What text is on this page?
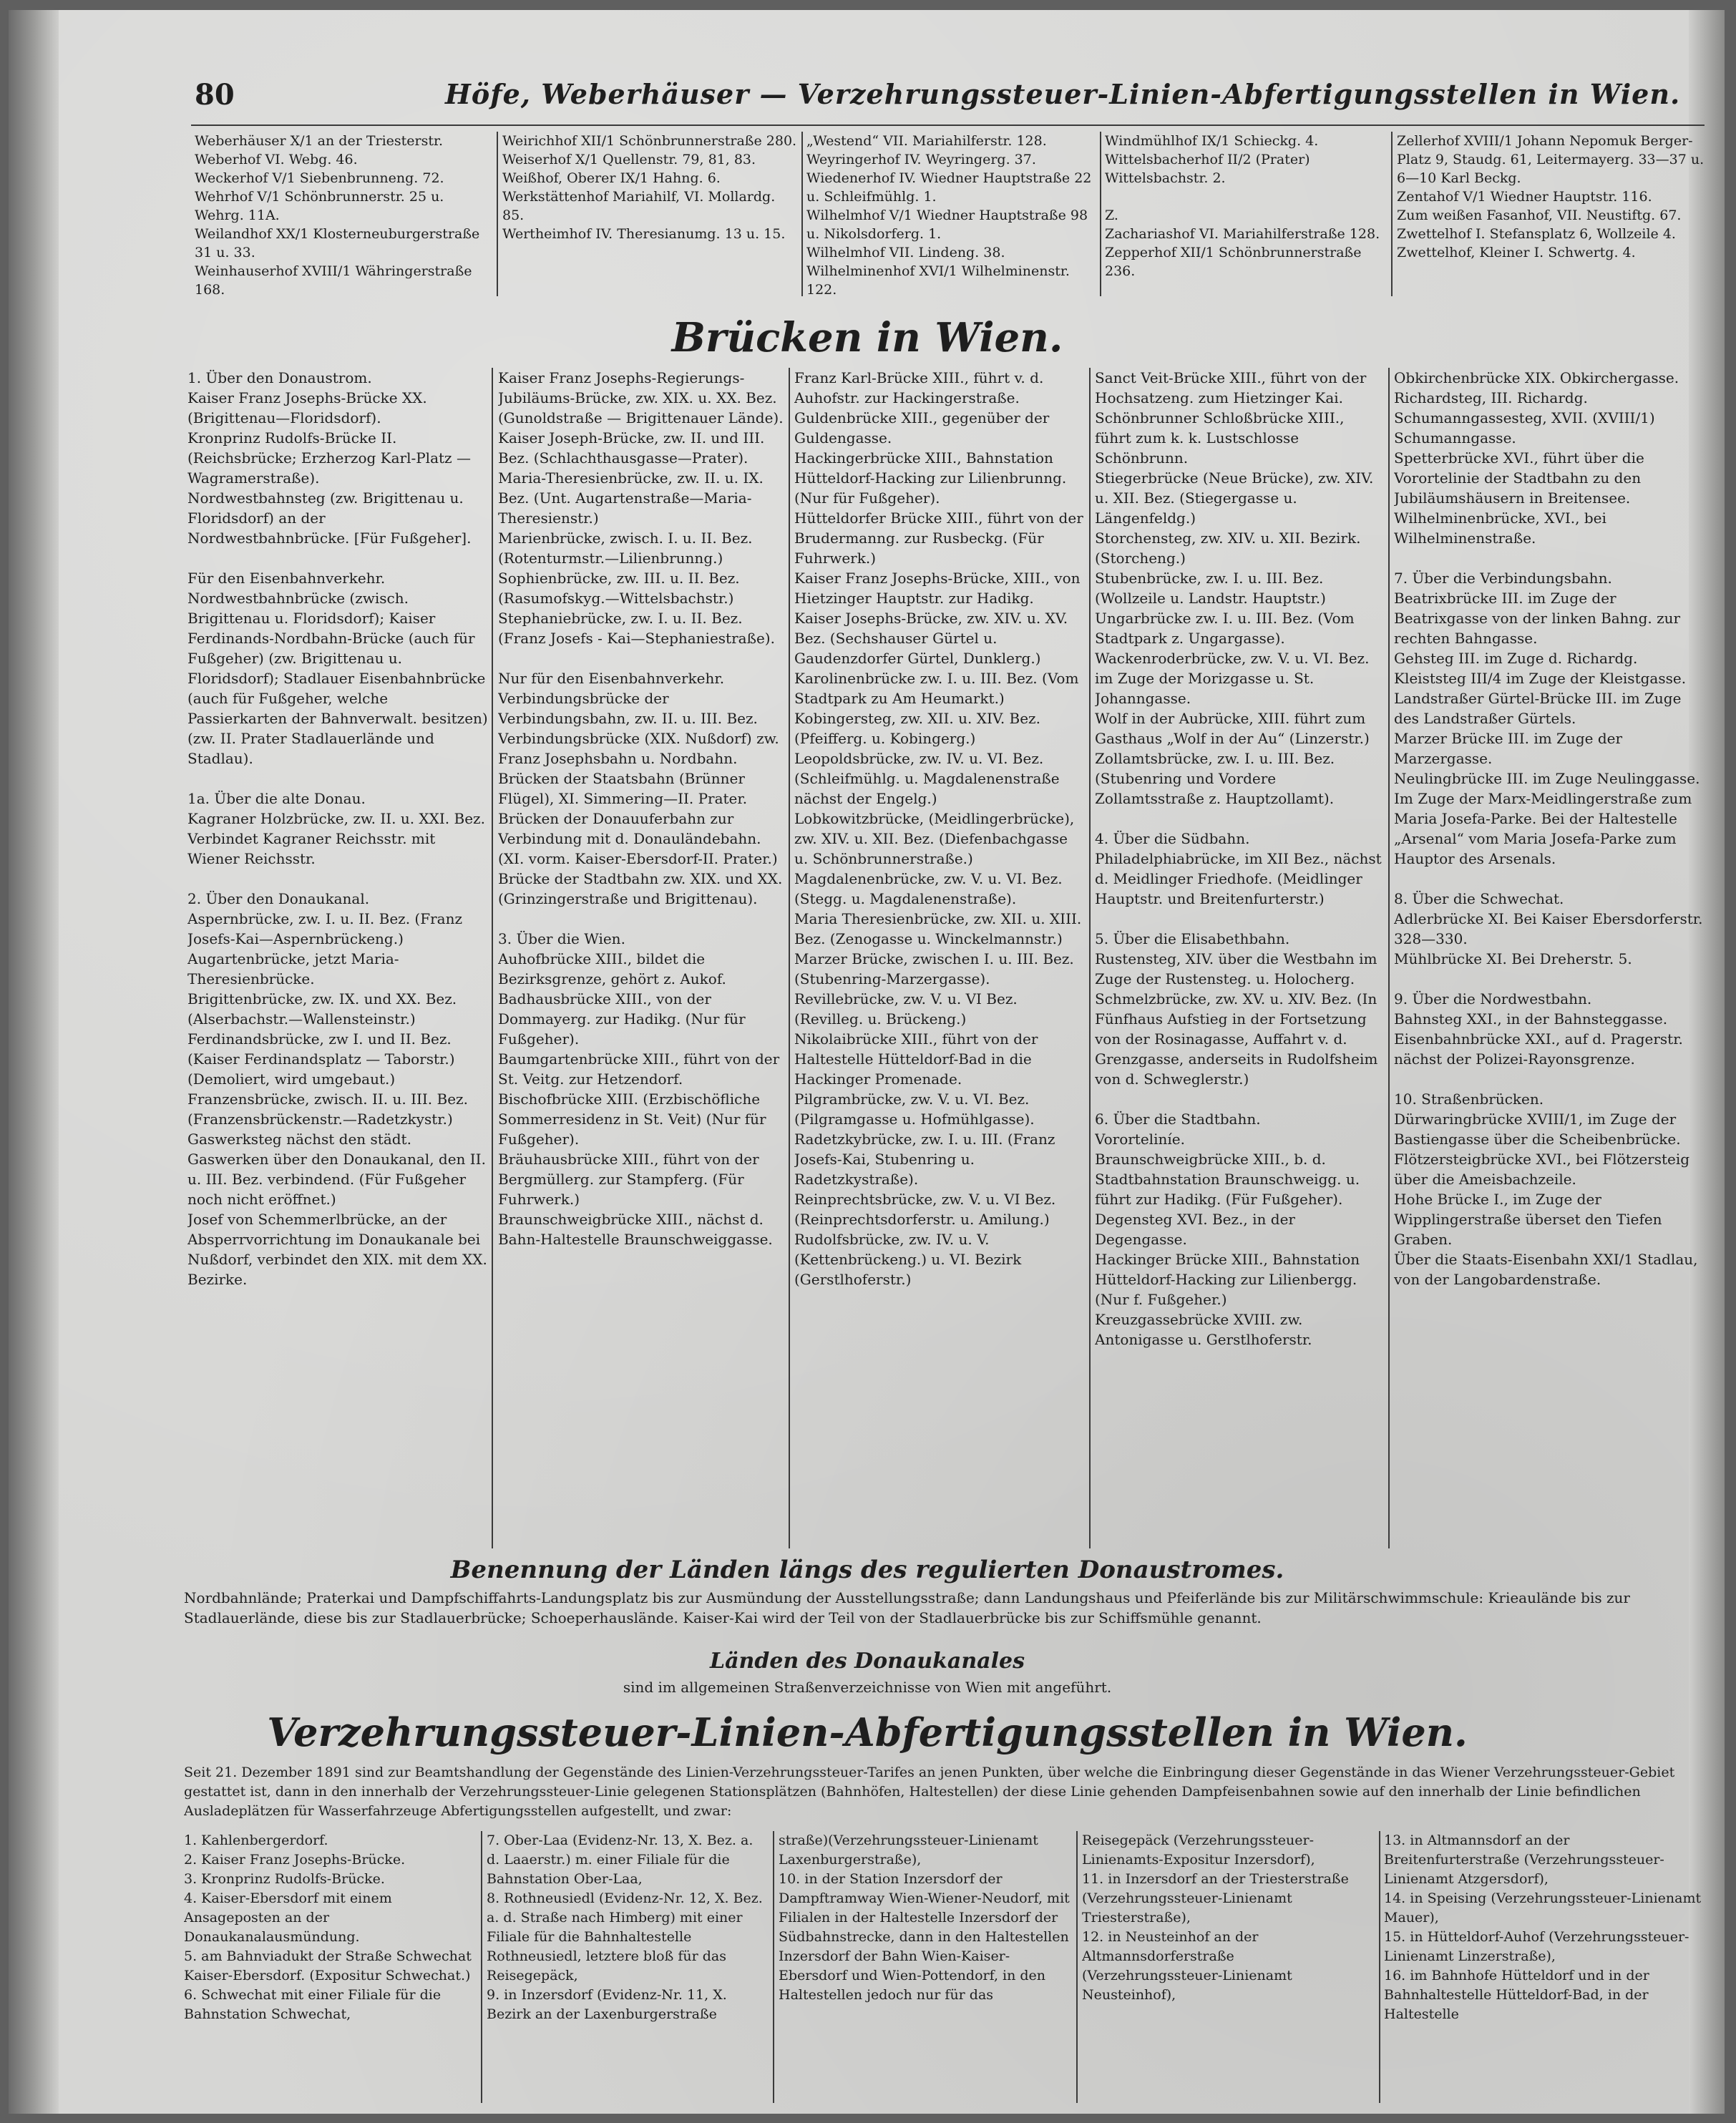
80	Höfe, Weberhäuser — Verzehrungssteuer-Linien-Abfertigungsstellen in Wien.
Weberhäuser X/1 an der Triesterstr.
Weberhof VI. Webg. 46.
Weckerhof V/1 Siebenbrunneng. 72.
Wehrhof V/1 Schönbrunnerstr. 25 u. Wehrg. 11A.
Weilandhof XX/1 Klosterneuburgerstraße 31 u. 33.
Weinhauserhof XVIII/1 Währingerstraße 168.
Weirichhof XII/1 Schönbrunnerstraße 280.
Weiserhof X/1 Quellenstr. 79, 81, 83.
Weißhof, Oberer IX/1 Hahng. 6.
Werkstättenhof Mariahilf, VI. Mollardg. 85.
Wertheimhof IV. Theresianumg. 13 u. 15.
„Westend“ VII. Mariahilferstr. 128.
Weyringerhof IV. Weyringerg. 37.
Wiedenerhof IV. Wiedner Hauptstraße 22 u. Schleifmühlg. 1.
Wilhelmhof V/1 Wiedner Hauptstraße 98 u. Nikolsdorferg. 1.
Wilhelmhof VII. Lindeng. 38.
Wilhelminenhof XVI/1 Wilhelminenstr. 122.
Windmühlhof IX/1 Schieckg. 4.
Wittelsbacherhof II/2 (Prater) Wittelsbachstr. 2.

Z.
Zachariashof VI. Mariahilferstraße 128.
Zepperhof XII/1 Schönbrunnerstraße 236.
Zellerhof XVIII/1 Johann Nepomuk Berger-Platz 9, Staudg. 61, Leitermayerg. 33—37 u. 6—10 Karl Beckg.
Zentahof V/1 Wiedner Hauptstr. 116.
Zum weißen Fasanhof, VII. Neustiftg. 67.
Zwettelhof I. Stefansplatz 6, Wollzeile 4.
Zwettelhof, Kleiner I. Schwertg. 4.
Brücken in Wien.
1. Über den Donaustrom.
Kaiser Franz Josephs-Brücke XX. (Brigittenau—Floridsdorf).
Kronprinz Rudolfs-Brücke II. (Reichsbrücke; Erzherzog Karl-Platz — Wagramerstraße).
Nordwestbahnsteg (zw. Brigittenau u. Floridsdorf) an der Nordwestbahnbrücke. [Für Fußgeher].

Für den Eisenbahnverkehr.
Nordwestbahnbrücke (zwisch. Brigittenau u. Floridsdorf); Kaiser Ferdinands-Nordbahn-Brücke (auch für Fußgeher) (zw. Brigittenau u. Floridsdorf); Stadlauer Eisenbahnbrücke (auch für Fußgeher, welche Passierkarten der Bahnverwalt. besitzen) (zw. II. Prater Stadlauerlände und Stadlau).

1a. Über die alte Donau.
Kagraner Holzbrücke, zw. II. u. XXI. Bez. Verbindet Kagraner Reichsstr. mit Wiener Reichsstr.

2. Über den Donaukanal.
Aspernbrücke, zw. I. u. II. Bez. (Franz Josefs-Kai—Aspernbrückeng.)
Augartenbrücke, jetzt Maria-Theresienbrücke.
Brigittenbrücke, zw. IX. und XX. Bez. (Alserbachstr.—Wallensteinstr.)
Ferdinandsbrücke, zw I. und II. Bez. (Kaiser Ferdinandsplatz — Taborstr.) (Demoliert, wird umgebaut.)
Franzensbrücke, zwisch. II. u. III. Bez. (Franzensbrückenstr.—Radetzkystr.)
Gaswerksteg nächst den städt. Gaswerken über den Donaukanal, den II. u. III. Bez. verbindend. (Für Fußgeher noch nicht eröffnet.)
Josef von Schemmerlbrücke, an der Absperrvorrichtung im Donaukanale bei Nußdorf, verbindet den XIX. mit dem XX. Bezirke.
Kaiser Franz Josephs-Regierungs-Jubiläums-Brücke, zw. XIX. u. XX. Bez. (Gunoldstraße — Brigittenauer Lände).
Kaiser Joseph-Brücke, zw. II. und III. Bez. (Schlachthausgasse—Prater).
Maria-Theresienbrücke, zw. II. u. IX. Bez. (Unt. Augartenstraße—Maria-Theresienstr.)
Marienbrücke, zwisch. I. u. II. Bez. (Rotenturmstr.—Lilienbrunng.)
Sophienbrücke, zw. III. u. II. Bez. (Rasumofskyg.—Wittelsbachstr.)
Stephaniebrücke, zw. I. u. II. Bez. (Franz Josefs - Kai—Stephaniestraße).

Nur für den Eisenbahnverkehr.
Verbindungsbrücke der Verbindungsbahn, zw. II. u. III. Bez.
Verbindungsbrücke (XIX. Nußdorf) zw. Franz Josephsbahn u. Nordbahn.
Brücken der Staatsbahn (Brünner Flügel), XI. Simmering—II. Prater.
Brücken der Donauuferbahn zur Verbindung mit d. Donauländebahn. (XI. vorm. Kaiser-Ebersdorf-II. Prater.)
Brücke der Stadtbahn zw. XIX. und XX. (Grinzingerstraße und Brigittenau).

3. Über die Wien.
Auhofbrücke XIII., bildet die Bezirksgrenze, gehört z. Aukof.
Badhausbrücke XIII., von der Dommayerg. zur Hadikg. (Nur für Fußgeher).
Baumgartenbrücke XIII., führt von der St. Veitg. zur Hetzendorf.
Bischofbrücke XIII. (Erzbischöfliche Sommerresidenz in St. Veit) (Nur für Fußgeher).
Bräuhausbrücke XIII., führt von der Bergmüllerg. zur Stampferg. (Für Fuhrwerk.)
Braunschweigbrücke XIII., nächst d. Bahn-Haltestelle Braunschweiggasse.
Franz Karl-Brücke XIII., führt v. d. Auhofstr. zur Hackingerstraße.
Guldenbrücke XIII., gegenüber der Guldengasse.
Hackingerbrücke XIII., Bahnstation Hütteldorf-Hacking zur Lilienbrunng. (Nur für Fußgeher).
Hütteldorfer Brücke XIII., führt von der Brudermanng. zur Rusbeckg. (Für Fuhrwerk.)
Kaiser Franz Josephs-Brücke, XIII., von Hietzinger Hauptstr. zur Hadikg.
Kaiser Josephs-Brücke, zw. XIV. u. XV. Bez. (Sechshauser Gürtel u. Gaudenzdorfer Gürtel, Dunklerg.)
Karolinenbrücke zw. I. u. III. Bez. (Vom Stadtpark zu Am Heumarkt.)
Kobingersteg, zw. XII. u. XIV. Bez. (Pfeifferg. u. Kobingerg.)
Leopoldsbrücke, zw. IV. u. VI. Bez. (Schleifmühlg. u. Magdalenenstraße nächst der Engelg.)
Lobkowitzbrücke, (Meidlingerbrücke), zw. XIV. u. XII. Bez. (Diefenbachgasse u. Schönbrunnerstraße.)
Magdalenenbrücke, zw. V. u. VI. Bez. (Stegg. u. Magdalenenstraße).
Maria Theresienbrücke, zw. XII. u. XIII. Bez. (Zenogasse u. Winckelmannstr.)
Marzer Brücke, zwischen I. u. III. Bez. (Stubenring-Marzergasse).
Revillebrücke, zw. V. u. VI Bez. (Revilleg. u. Brückeng.)
Nikolaibrücke XIII., führt von der Haltestelle Hütteldorf-Bad in die Hackinger Promenade.
Pilgrambrücke, zw. V. u. VI. Bez. (Pilgramgasse u. Hofmühlgasse).
Radetzkybrücke, zw. I. u. III. (Franz Josefs-Kai, Stubenring u. Radetzkystraße).
Reinprechtsbrücke, zw. V. u. VI Bez. (Reinprechtsdorferstr. u. Amilung.)
Rudolfsbrücke, zw. IV. u. V. (Kettenbrückeng.) u. VI. Bezirk (Gerstlhoferstr.)
Sanct Veit-Brücke XIII., führt von der Hochsatzeng. zum Hietzinger Kai.
Schönbrunner Schloßbrücke XIII., führt zum k. k. Lustschlosse Schönbrunn.
Stiegerbrücke (Neue Brücke), zw. XIV. u. XII. Bez. (Stiegergasse u. Längenfeldg.)
Storchensteg, zw. XIV. u. XII. Bezirk. (Storcheng.)
Stubenbrücke, zw. I. u. III. Bez. (Wollzeile u. Landstr. Hauptstr.)
Ungarbrücke zw. I. u. III. Bez. (Vom Stadtpark z. Ungargasse).
Wackenroderbrücke, zw. V. u. VI. Bez. im Zuge der Morizgasse u. St. Johanngasse.
Wolf in der Aubrücke, XIII. führt zum Gasthaus „Wolf in der Au“ (Linzerstr.)
Zollamtsbrücke, zw. I. u. III. Bez. (Stubenring und Vordere Zollamtsstraße z. Hauptzollamt).

4. Über die Südbahn.
Philadelphiabrücke, im XII Bez., nächst d. Meidlinger Friedhofe. (Meidlinger Hauptstr. und Breitenfurterstr.)

5. Über die Elisabethbahn.
Rustensteg, XIV. über die Westbahn im Zuge der Rustensteg. u. Holocherg.
Schmelzbrücke, zw. XV. u. XIV. Bez. (In Fünfhaus Aufstieg in der Fortsetzung von der Rosinagasse, Auffahrt v. d. Grenzgasse, anderseits in Rudolfsheim von d. Schweglerstr.)

6. Über die Stadtbahn.
Vororteliníe.
Braunschweigbrücke XIII., b. d. Stadtbahnstation Braunschweigg. u. führt zur Hadikg. (Für Fußgeher).
Degensteg XVI. Bez., in der Degengasse.
Hackinger Brücke XIII., Bahnstation Hütteldorf-Hacking zur Lilienbergg. (Nur f. Fußgeher.)
Kreuzgassebrücke XVIII. zw. Antonigasse u. Gerstlhoferstr.
Obkirchenbrücke XIX. Obkirchergasse.
Richardsteg, III. Richardg.
Schumanngassesteg, XVII. (XVIII/1) Schumanngasse.
Spetterbrücke XVI., führt über die Vorortelinie der Stadtbahn zu den Jubiläumshäusern in Breitensee.
Wilhelminenbrücke, XVI., bei Wilhelminenstraße.

7. Über die Verbindungsbahn.
Beatrixbrücke III. im Zuge der Beatrixgasse von der linken Bahng. zur rechten Bahngasse.
Gehsteg III. im Zuge d. Richardg.
Kleiststeg III/4 im Zuge der Kleistgasse.
Landstraßer Gürtel-Brücke III. im Zuge des Landstraßer Gürtels.
Marzer Brücke III. im Zuge der Marzergasse.
Neulingbrücke III. im Zuge Neulinggasse.
Im Zuge der Marx-Meidlingerstraße zum Maria Josefa-Parke. Bei der Haltestelle „Arsenal“ vom Maria Josefa-Parke zum Hauptor des Arsenals.

8. Über die Schwechat.
Adlerbrücke XI. Bei Kaiser Ebersdorferstr. 328—330.
Mühlbrücke XI. Bei Dreherstr. 5.

9. Über die Nordwestbahn.
Bahnsteg XXI., in der Bahnsteggasse.
Eisenbahnbrücke XXI., auf d. Pragerstr. nächst der Polizei-Rayonsgrenze.

10. Straßenbrücken.
Dürwaringbrücke XVIII/1, im Zuge der Bastiengasse über die Scheibenbrücke.
Flötzersteigbrücke XVI., bei Flötzersteig über die Ameisbachzeile.
Hohe Brücke I., im Zuge der Wipplingerstraße überset den Tiefen Graben.
Über die Staats-Eisenbahn XXI/1 Stadlau, von der Langobardenstraße.
Benennung der Länden längs des regulierten Donaustromes.
Nordbahnlände; Praterkai und Dampfschiffahrts-Landungsplatz bis zur Ausmündung der Ausstellungsstraße; dann Landungshaus und Pfeiferlände bis zur Militärschwimmschule: Krieaulände bis zur Stadlauerlände, diese bis zur Stadlauerbrücke; Schoeperhauslände. Kaiser-Kai wird der Teil von der Stadlauerbrücke bis zur Schiffsmühle genannt.
Länden des Donaukanales
sind im allgemeinen Straßenverzeichnisse von Wien mit angeführt.
Verzehrungssteuer-Linien-Abfertigungsstellen in Wien.
Seit 21. Dezember 1891 sind zur Beamtshandlung der Gegenstände des Linien-Verzehrungssteuer-Tarifes an jenen Punkten, über welche die Einbringung dieser Gegenstände in das Wiener Verzehrungssteuer-Gebiet gestattet ist, dann in den innerhalb der Verzehrungssteuer-Linie gelegenen Stationsplätzen (Bahnhöfen, Haltestellen) der diese Linie gehenden Dampfeisenbahnen sowie auf den innerhalb der Linie befindlichen Ausladeplätzen für Wasserfahrzeuge Abfertigungsstellen aufgestellt, und zwar:
1. Kahlenbergerdorf.
2. Kaiser Franz Josephs-Brücke.
3. Kronprinz Rudolfs-Brücke.
4. Kaiser-Ebersdorf mit einem Ansageposten an der Donaukanalausmündung.
5. am Bahnviadukt der Straße Schwechat Kaiser-Ebersdorf. (Expositur Schwechat.)
6. Schwechat mit einer Filiale für die Bahnstation Schwechat,
7. Ober-Laa (Evidenz-Nr. 13, X. Bez. a. d. Laaerstr.) m. einer Filiale für die Bahnstation Ober-Laa,
8. Rothneusiedl (Evidenz-Nr. 12, X. Bez. a. d. Straße nach Himberg) mit einer Filiale für die Bahnhaltestelle Rothneusiedl, letztere bloß für das Reisegepäck,
9. in Inzersdorf (Evidenz-Nr. 11, X. Bezirk an der Laxenburgerstraße
straße)(Verzehrungssteuer-Linienamt Laxenburgerstraße),
10. in der Station Inzersdorf der Dampftramway Wien-Wiener-Neudorf, mit Filialen in der Haltestelle Inzersdorf der Südbahnstrecke, dann in den Haltestellen Inzersdorf der Bahn Wien-Kaiser-Ebersdorf und Wien-Pottendorf, in den Haltestellen jedoch nur für das
Reisegepäck (Verzehrungssteuer-Linienamts-Expositur Inzersdorf),
11. in Inzersdorf an der Triesterstraße (Verzehrungssteuer-Linienamt Triesterstraße),
12. in Neusteinhof an der Altmannsdorferstraße (Verzehrungssteuer-Linienamt Neusteinhof),
13. in Altmannsdorf an der Breitenfurterstraße (Verzehrungssteuer-Linienamt Atzgersdorf),
14. in Speising (Verzehrungssteuer-Linienamt Mauer),
15. in Hütteldorf-Auhof (Verzehrungssteuer-Linienamt Linzerstraße),
16. im Bahnhofe Hütteldorf und in der Bahnhaltestelle Hütteldorf-Bad, in der Haltestelle
